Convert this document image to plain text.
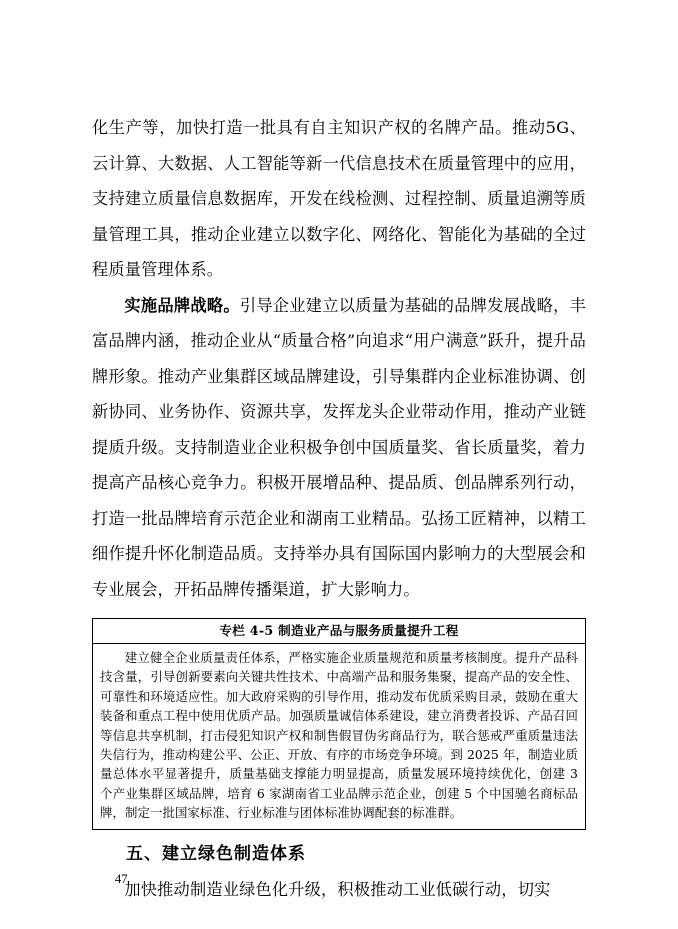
化生产等，加快打造一批具有自主知识产权的名牌产品。推动5G、云计算、大数据、人工智能等新一代信息技术在质量管理中的应用，支持建立质量信息数据库，开发在线检测、过程控制、质量追溯等质量管理工具，推动企业建立以数字化、网络化、智能化为基础的全过程质量管理体系。

实施品牌战略。引导企业建立以质量为基础的品牌发展战略，丰富品牌内涵，推动企业从“质量合格”向追求“用户满意”跃升，提升品牌形象。推动产业集群区域品牌建设，引导集群内企业标准协调、创新协同、业务协作、资源共享，发挥龙头企业带动作用，推动产业链提质升级。支持制造业企业积极争创中国质量奖、省长质量奖，着力提高产品核心竞争力。积极开展增品种、提品质、创品牌系列行动，打造一批品牌培育示范企业和湖南工业精品。弘扬工匠精神，以精工细作提升怀化制造品质。支持举办具有国际国内影响力的大型展会和专业展会，开拓品牌传播渠道，扩大影响力。

专栏 4-5 制造业产品与服务质量提升工程
建立健全企业质量责任体系，严格实施企业质量规范和质量考核制度。提升产品科技含量，引导创新要素向关键共性技术、中高端产品和服务集聚，提高产品的安全性、可靠性和环境适应性。加大政府采购的引导作用，推动发布优质采购目录，鼓励在重大装备和重点工程中使用优质产品。加强质量诚信体系建设，建立消费者投诉、产品召回等信息共享机制，打击侵犯知识产权和制售假冒伪劣商品行为，联合惩戒严重质量违法失信行为，推动构建公平、公正、开放、有序的市场竞争环境。到 2025 年，制造业质量总体水平显著提升，质量基础支撑能力明显提高，质量发展环境持续优化，创建 3 个产业集群区域品牌，培育 6 家湖南省工业品牌示范企业，创建 5 个中国驰名商标品牌，制定一批国家标准、行业标准与团体标准协调配套的标准群。
五、建立绿色制造体系

加快推动制造业绿色化升级，积极推动工业低碳行动，切实

47
